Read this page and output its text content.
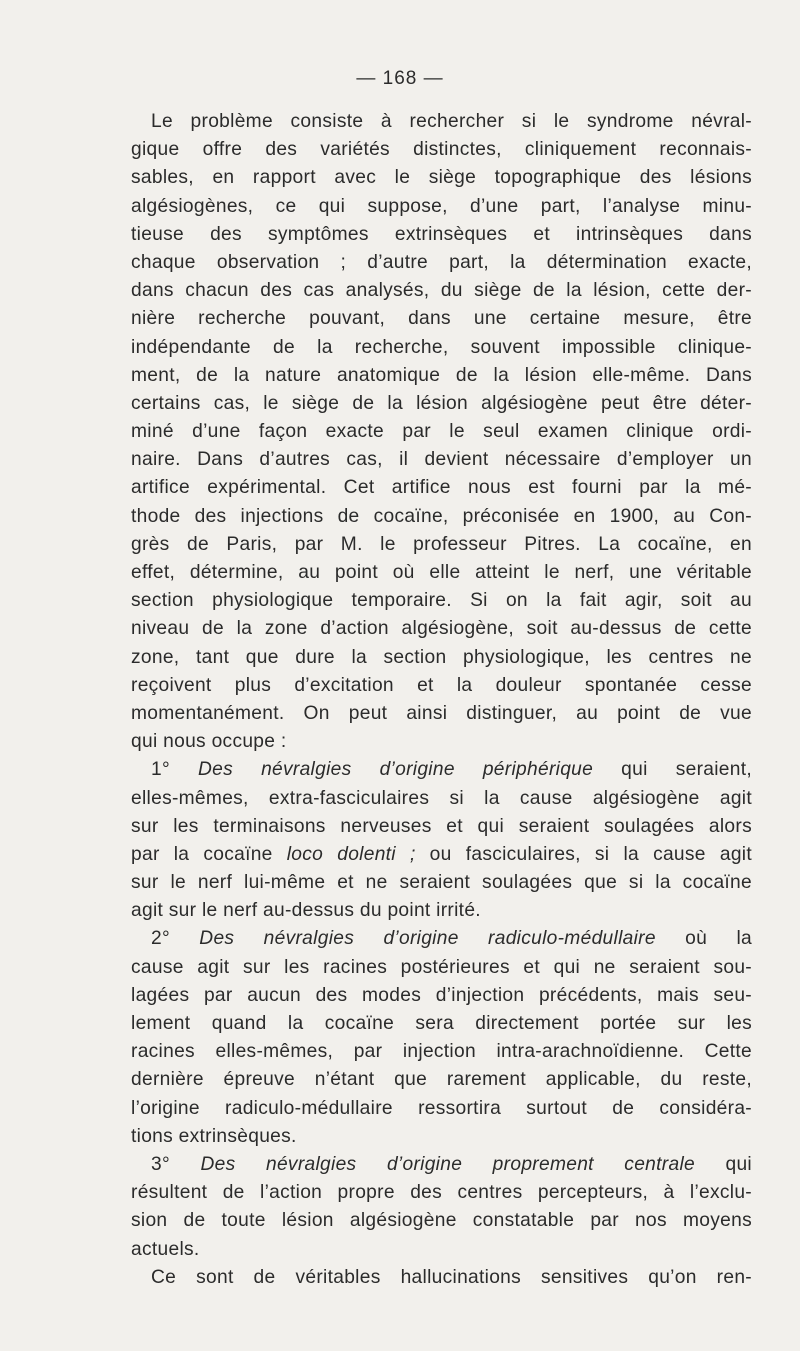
— 168 —
Le problème consiste à rechercher si le syndrome névral-
gique offre des variétés distinctes, cliniquement reconnais-
sables, en rapport avec le siège topographique des lésions
algésiogènes, ce qui suppose, d’une part, l’analyse minu-
tieuse des symptômes extrinsèques et intrinsèques dans
chaque observation ; d’autre part, la détermination exacte,
dans chacun des cas analysés, du siège de la lésion, cette der-
nière recherche pouvant, dans une certaine mesure, être
indépendante de la recherche, souvent impossible clinique-
ment, de la nature anatomique de la lésion elle-même. Dans
certains cas, le siège de la lésion algésiogène peut être déter-
miné d’une façon exacte par le seul examen clinique ordi-
naire. Dans d’autres cas, il devient nécessaire d’employer un
artifice expérimental. Cet artifice nous est fourni par la mé-
thode des injections de cocaïne, préconisée en 1900, au Con-
grès de Paris, par M. le professeur Pitres. La cocaïne, en
effet, détermine, au point où elle atteint le nerf, une véritable
section physiologique temporaire. Si on la fait agir, soit au
niveau de la zone d’action algésiogène, soit au-dessus de cette
zone, tant que dure la section physiologique, les centres ne
reçoivent plus d’excitation et la douleur spontanée cesse
momentanément. On peut ainsi distinguer, au point de vue
qui nous occupe :
1° Des névralgies d’origine périphérique qui seraient,
elles-mêmes, extra-fasciculaires si la cause algésiogène agit
sur les terminaisons nerveuses et qui seraient soulagées alors
par la cocaïne loco dolenti ; ou fasciculaires, si la cause agit
sur le nerf lui-même et ne seraient soulagées que si la cocaïne
agit sur le nerf au-dessus du point irrité.
2° Des névralgies d’origine radiculo-médullaire où la
cause agit sur les racines postérieures et qui ne seraient sou-
lagées par aucun des modes d’injection précédents, mais seu-
lement quand la cocaïne sera directement portée sur les
racines elles-mêmes, par injection intra-arachnoïdienne. Cette
dernière épreuve n’étant que rarement applicable, du reste,
l’origine radiculo-médullaire ressortira surtout de considéra-
tions extrinsèques.
3° Des névralgies d’origine proprement centrale qui
résultent de l’action propre des centres percepteurs, à l’exclu-
sion de toute lésion algésiogène constatable par nos moyens
actuels.
Ce sont de véritables hallucinations sensitives qu’on ren-
